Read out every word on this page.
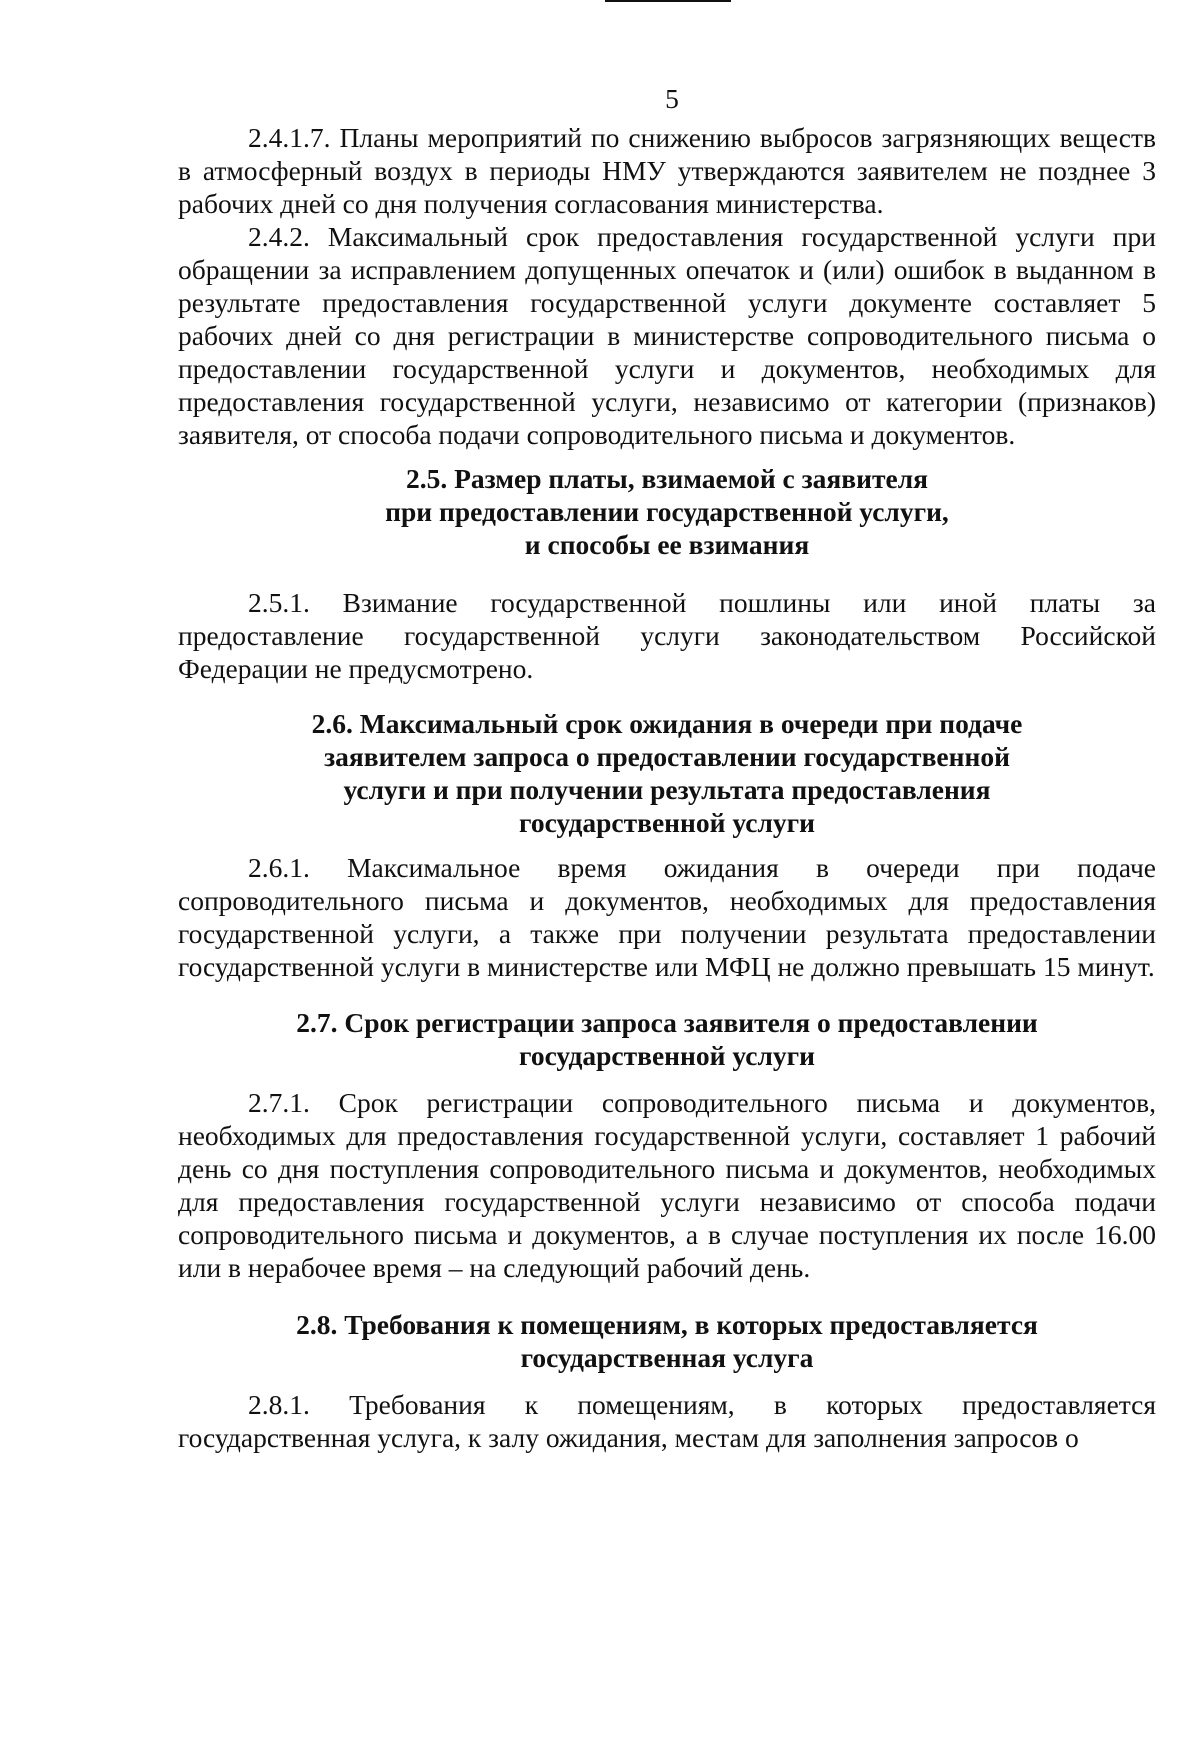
5

2.4.1.7. Планы мероприятий по снижению выбросов загрязняющих веществ в атмосферный воздух в периоды НМУ утверждаются заявителем не позднее 3 рабочих дней со дня получения согласования министерства.

2.4.2. Максимальный срок предоставления государственной услуги при обращении за исправлением допущенных опечаток и (или) ошибок в выданном в результате предоставления государственной услуги документе составляет 5 рабочих дней со дня регистрации в министерстве сопроводительного письма о предоставлении государственной услуги и документов, необходимых для предоставления государственной услуги, независимо от категории (признаков) заявителя, от способа подачи сопроводительного письма и документов.

2.5. Размер платы, взимаемой с заявителя
при предоставлении государственной услуги,
и способы ее взимания

2.5.1. Взимание государственной пошлины или иной платы за предоставление государственной услуги законодательством Российской Федерации не предусмотрено.

2.6. Максимальный срок ожидания в очереди при подаче
заявителем запроса о предоставлении государственной
услуги и при получении результата предоставления
государственной услуги

2.6.1. Максимальное время ожидания в очереди при подаче сопроводительного письма и документов, необходимых для предоставления государственной услуги, а также при получении результата предоставлении государственной услуги в министерстве или МФЦ не должно превышать 15 минут.

2.7. Срок регистрации запроса заявителя о предоставлении
государственной услуги

2.7.1. Срок регистрации сопроводительного письма и документов, необходимых для предоставления государственной услуги, составляет 1 рабочий день со дня поступления сопроводительного письма и документов, необходимых для предоставления государственной услуги независимо от способа подачи сопроводительного письма и документов, а в случае поступления их после 16.00 или в нерабочее время – на следующий рабочий день.

2.8. Требования к помещениям, в которых предоставляется
государственная услуга

2.8.1. Требования к помещениям, в которых предоставляется государственная услуга, к залу ожидания, местам для заполнения запросов о
